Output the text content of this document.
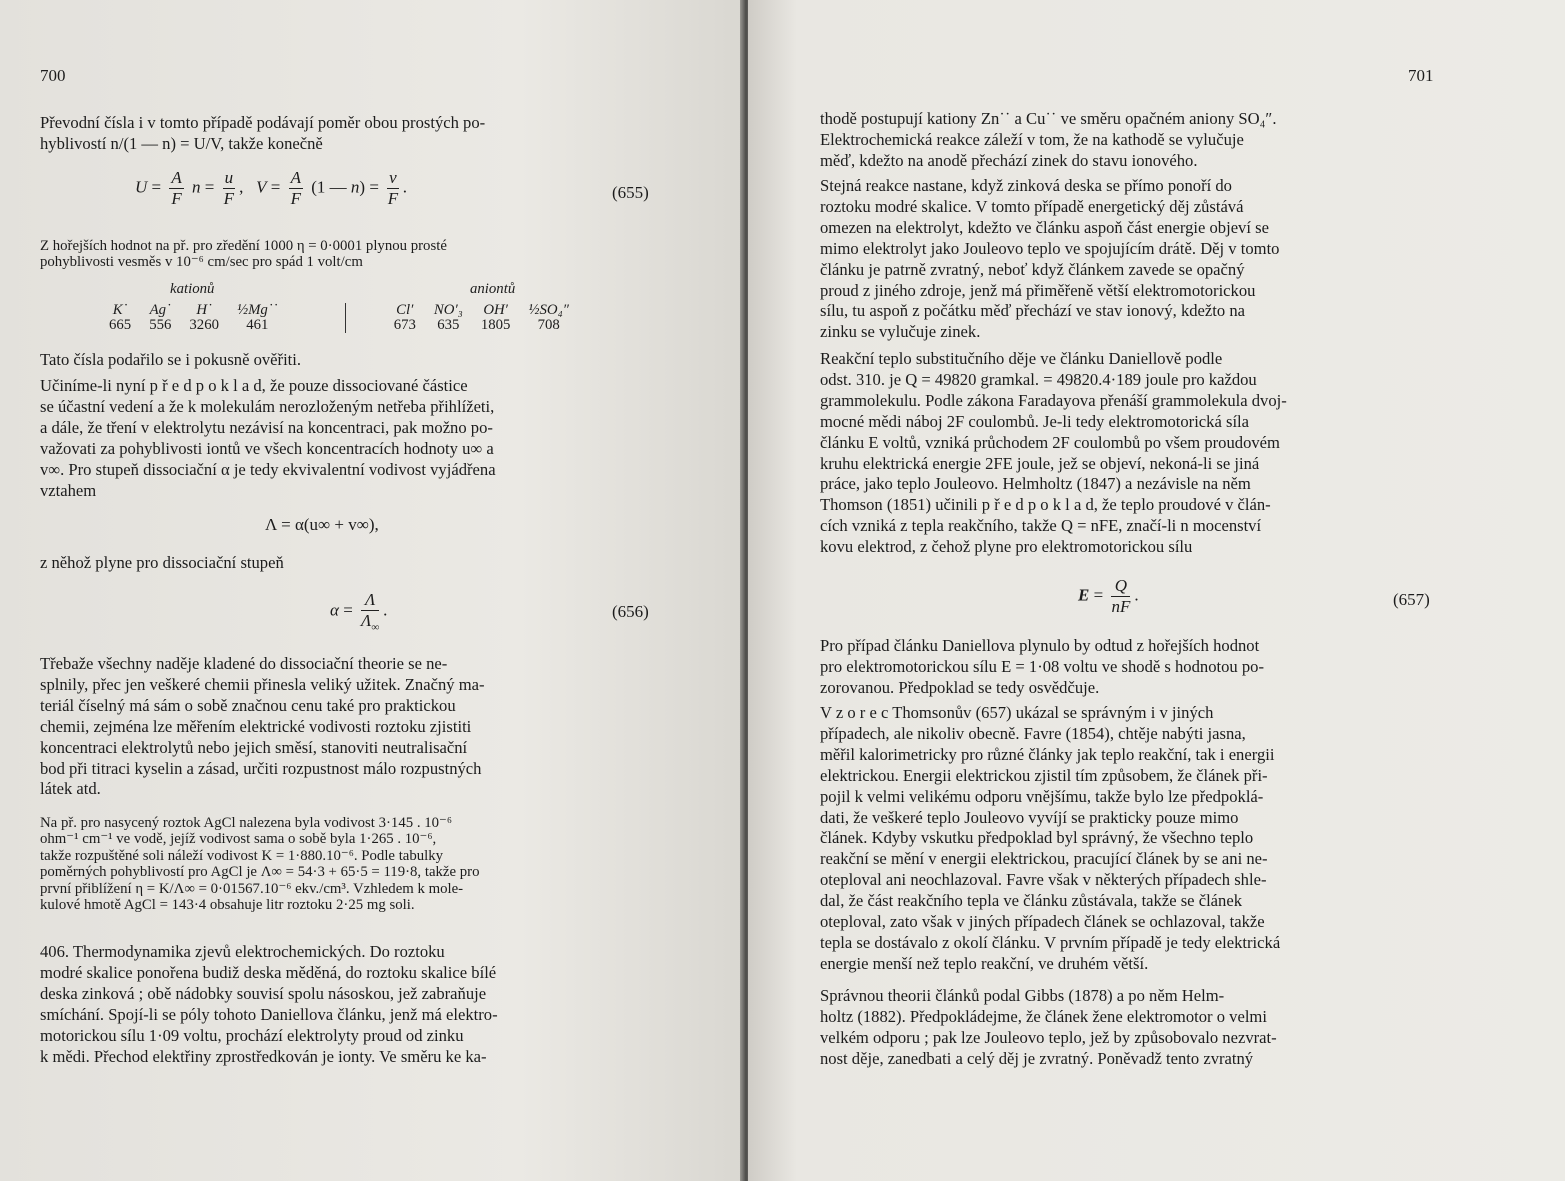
700
Převodní čísla i v tomto případě podávají poměr obou prostých po-
hyblivostí n/(1 — n) = U/V, takže konečně
$U = \frac{A}{F}$ $n = \frac{u}{F}$ ,   $V = \frac{A}{F} (1$ — $n) = \frac{v}{F}$ .	(655)
Z hořejších hodnot na př. pro zředění 1000 η = 0·0001 plynou prosté
pohyblivosti vesměs v 10⁻⁶ cm/sec pro spád 1 volt/cm
kationů	aniontů
K˙	Ag˙	H˙	½Mg˙˙				Cl′	NO′₃	OH′	½SO₄″
665	556	3260	461				673	635	1805	708
Tato čísla podařilo se i pokusně ověřiti.
Učiníme-li nyní p ř e d p o k l a d, že pouze dissociované částice
se účastní vedení a že k molekulám nerozloženým netřeba přihlížeti,
a dále, že tření v elektrolytu nezávisí na koncentraci, pak možno po-
važovati za pohyblivosti iontů ve všech koncentracích hodnoty u∞ a
v∞. Pro stupeň dissociační α je tedy ekvivalentní vodivost vyjádřena
vztahem
Λ = α(u∞ + v∞),
z něhož plyne pro dissociační stupeň
$\alpha = \frac{\Lambda}{\Lambda_\infty}$ .	(656)
Třebaže všechny naděje kladené do dissociační theorie se ne-
splnily, přec jen veškeré chemii přinesla veliký užitek. Značný ma-
teriál číselný má sám o sobě značnou cenu také pro praktickou
chemii, zejména lze měřením elektrické vodivosti roztoku zjistiti
koncentraci elektrolytů nebo jejich směsí, stanoviti neutralisační
bod při titraci kyselin a zásad, určiti rozpustnost málo rozpustných
látek atd.
Na př. pro nasycený roztok AgCl nalezena byla vodivost 3·145 . 10⁻⁶
ohm⁻¹ cm⁻¹ ve vodě, jejíž vodivost sama o sobě byla 1·265 . 10⁻⁶,
takže rozpuštěné soli náleží vodivost K = 1·880.10⁻⁶. Podle tabulky
poměrných pohyblivostí pro AgCl je Λ∞ = 54·3 + 65·5 = 119·8, takže pro
první přiblížení η = K/Λ∞ = 0·01567.10⁻⁶ ekv./cm³. Vzhledem k mole-
kulové hmotě AgCl = 143·4 obsahuje litr roztoku 2·25 mg soli.
406. Thermodynamika zjevů elektrochemických. Do roztoku
modré skalice ponořena budiž deska měděná, do roztoku skalice bílé
deska zinková ; obě nádobky souvisí spolu násoskou, jež zabraňuje
smíchání. Spojí-li se póly tohoto Daniellova článku, jenž má elektro-
motorickou sílu 1·09 voltu, prochází elektrolyty proud od zinku
k mědi. Přechod elektřiny zprostředkován je ionty. Ve směru ke ka-
701
thodě postupují kationy Zn˙˙ a Cu˙˙ ve směru opačném aniony SO₄″.
Elektrochemická reakce záleží v tom, že na kathodě se vylučuje
měď, kdežto na anodě přechází zinek do stavu ionového.
Stejná reakce nastane, když zinková deska se přímo ponoří do
roztoku modré skalice. V tomto případě energetický děj zůstává
omezen na elektrolyt, kdežto ve článku aspoň část energie objeví se
mimo elektrolyt jako Jouleovo teplo ve spojujícím drátě. Děj v tomto
článku je patrně zvratný, neboť když článkem zavede se opačný
proud z jiného zdroje, jenž má přiměřeně větší elektromotorickou
sílu, tu aspoň z počátku měď přechází ve stav ionový, kdežto na
zinku se vylučuje zinek.
Reakční teplo substitučního děje ve článku Daniellově podle
odst. 310. je Q = 49820 gramkal. = 49820.4·189 joule pro každou
grammolekulu. Podle zákona Faradayova přenáší grammolekula dvoj-
mocné mědi náboj 2F coulombů. Je-li tedy elektromotorická síla
článku E voltů, vzniká průchodem 2F coulombů po všem proudovém
kruhu elektrická energie 2FE joule, jež se objeví, nekoná-li se jiná
práce, jako teplo Jouleovo. Helmholtz (1847) a nezávisle na něm
Thomson (1851) učinili p ř e d p o k l a d, že teplo proudové v člán-
cích vzniká z tepla reakčního, takže Q = nFE, značí-li n mocenství
kovu elektrod, z čehož plyne pro elektromotorickou sílu
$E = \frac{Q}{nF}$ .	(657)
Pro případ článku Daniellova plynulo by odtud z hořejších hodnot
pro elektromotorickou sílu E = 1·08 voltu ve shodě s hodnotou po-
zorovanou. Předpoklad se tedy osvědčuje.
V z o r e c Thomsonův (657) ukázal se správným i v jiných
případech, ale nikoliv obecně. Favre (1854), chtěje nabýti jasna,
měřil kalorimetricky pro různé články jak teplo reakční, tak i energii
elektrickou. Energii elektrickou zjistil tím způsobem, že článek při-
pojil k velmi velikému odporu vnějšímu, takže bylo lze předpoklá-
dati, že veškeré teplo Jouleovo vyvíjí se prakticky pouze mimo
článek. Kdyby vskutku předpoklad byl správný, že všechno teplo
reakční se mění v energii elektrickou, pracující článek by se ani ne-
oteploval ani neochlazoval. Favre však v některých případech shle-
dal, že část reakčního tepla ve článku zůstávala, takže se článek
oteploval, zato však v jiných případech článek se ochlazoval, takže
tepla se dostávalo z okolí článku. V prvním případě je tedy elektrická
energie menší než teplo reakční, ve druhém větší.
Správnou theorii článků podal Gibbs (1878) a po něm Helm-
holtz (1882). Předpokládejme, že článek žene elektromotor o velmi
velkém odporu ; pak lze Jouleovo teplo, jež by způsobovalo nezvrat-
nost děje, zanedbati a celý děj je zvratný. Poněvadž tento zvratný
